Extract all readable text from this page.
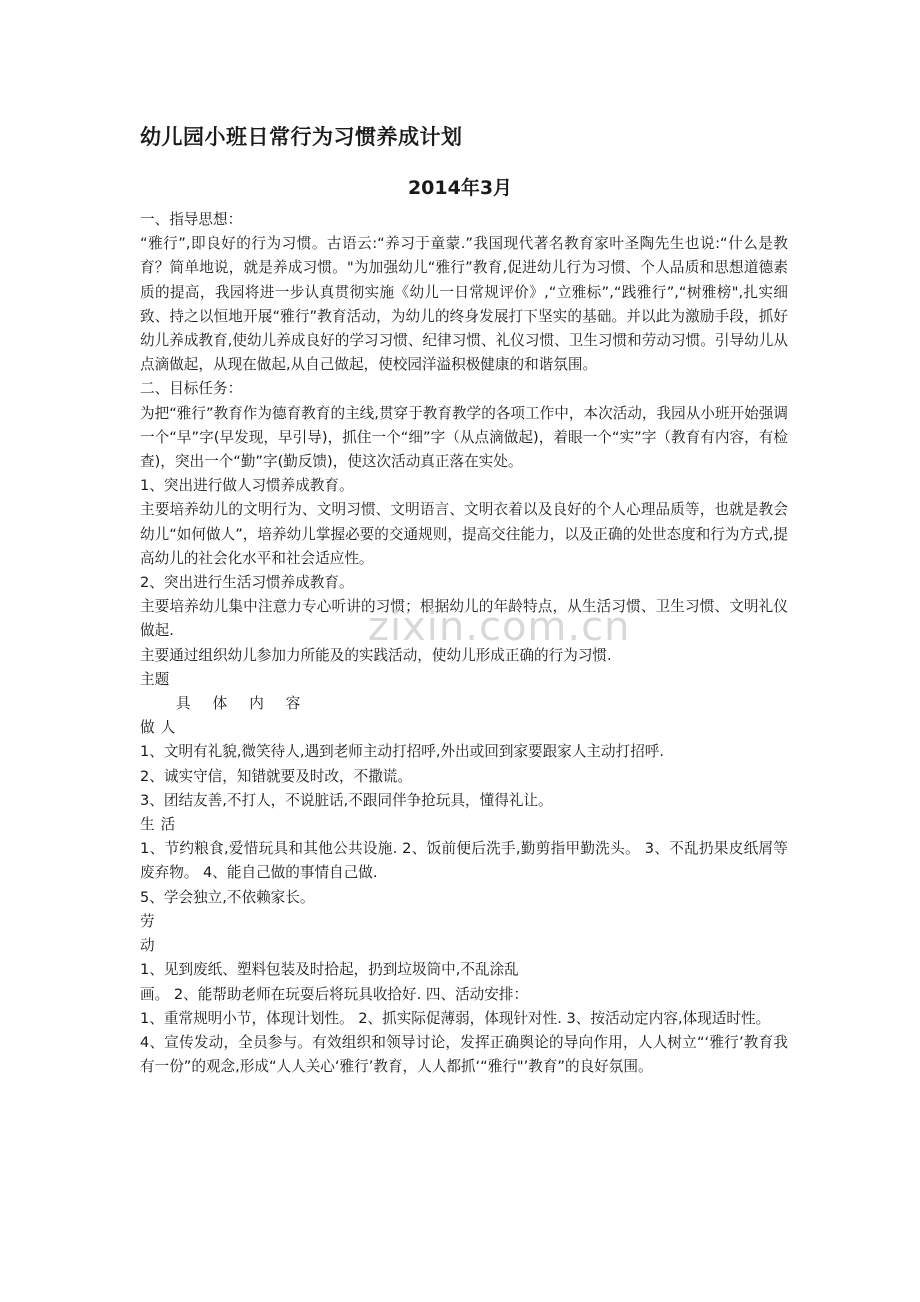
幼儿园小班日常行为习惯养成计划
2014年3月

一、指导思想：

“雅行”,即良好的行为习惯。古语云:“养习于童蒙.”我国现代著名教育家叶圣陶先生也说:“什么是教育？简单地说，就是养成习惯。"为加强幼儿“雅行”教育,促进幼儿行为习惯、个人品质和思想道德素质的提高，我园将进一步认真贯彻实施《幼儿一日常规评价》,“立雅标”,“践雅行”,“树雅榜",扎实细致、持之以恒地开展“雅行”教育活动，为幼儿的终身发展打下坚实的基础。并以此为激励手段，抓好幼儿养成教育,使幼儿养成良好的学习习惯、纪律习惯、礼仪习惯、卫生习惯和劳动习惯。引导幼儿从点滴做起，从现在做起,从自己做起，使校园洋溢积极健康的和谐氛围。

二、目标任务：

为把“雅行”教育作为德育教育的主线,贯穿于教育教学的各项工作中，本次活动，我园从小班开始强调一个“早”字(早发现，早引导)，抓住一个“细”字（从点滴做起)，着眼一个“实”字（教育有内容，有检查)，突出一个“勤”字(勤反馈)，使这次活动真正落在实处。

1、突出进行做人习惯养成教育。

主要培养幼儿的文明行为、文明习惯、文明语言、文明衣着以及良好的个人心理品质等，也就是教会幼儿“如何做人”，培养幼儿掌握必要的交通规则，提高交往能力，以及正确的处世态度和行为方式,提高幼儿的社会化水平和社会适应性。

2、突出进行生活习惯养成教育。

主要培养幼儿集中注意力专心听讲的习惯；根据幼儿的年龄特点，从生活习惯、卫生习惯、文明礼仪做起.

主要通过组织幼儿参加力所能及的实践活动，使幼儿形成正确的行为习惯.

主题

具体内容

做人

1、文明有礼貌,微笑待人,遇到老师主动打招呼,外出或回到家要跟家人主动打招呼.

2、诚实守信，知错就要及时改，不撒谎。

3、团结友善,不打人，不说脏话,不跟同伴争抢玩具，懂得礼让。

生活

1、节约粮食,爱惜玩具和其他公共设施. 2、饭前便后洗手,勤剪指甲勤洗头。 3、不乱扔果皮纸屑等废弃物。 4、能自己做的事情自己做.

5、学会独立,不依赖家长。

劳

动

1、见到废纸、塑料包装及时拾起，扔到垃圾筒中,不乱涂乱

画。 2、能帮助老师在玩耍后将玩具收拾好. 四、活动安排：

1、重常规明小节，体现计划性。 2、抓实际促薄弱，体现针对性. 3、按活动定内容,体现适时性。

4、宣传发动，全员参与。有效组织和领导讨论，发挥正确舆论的导向作用，人人树立“‘雅行’教育我有一份”的观念,形成“人人关心‘雅行’教育，人人都抓‘“雅行"’教育”的良好氛围。

zixin.com.cn
